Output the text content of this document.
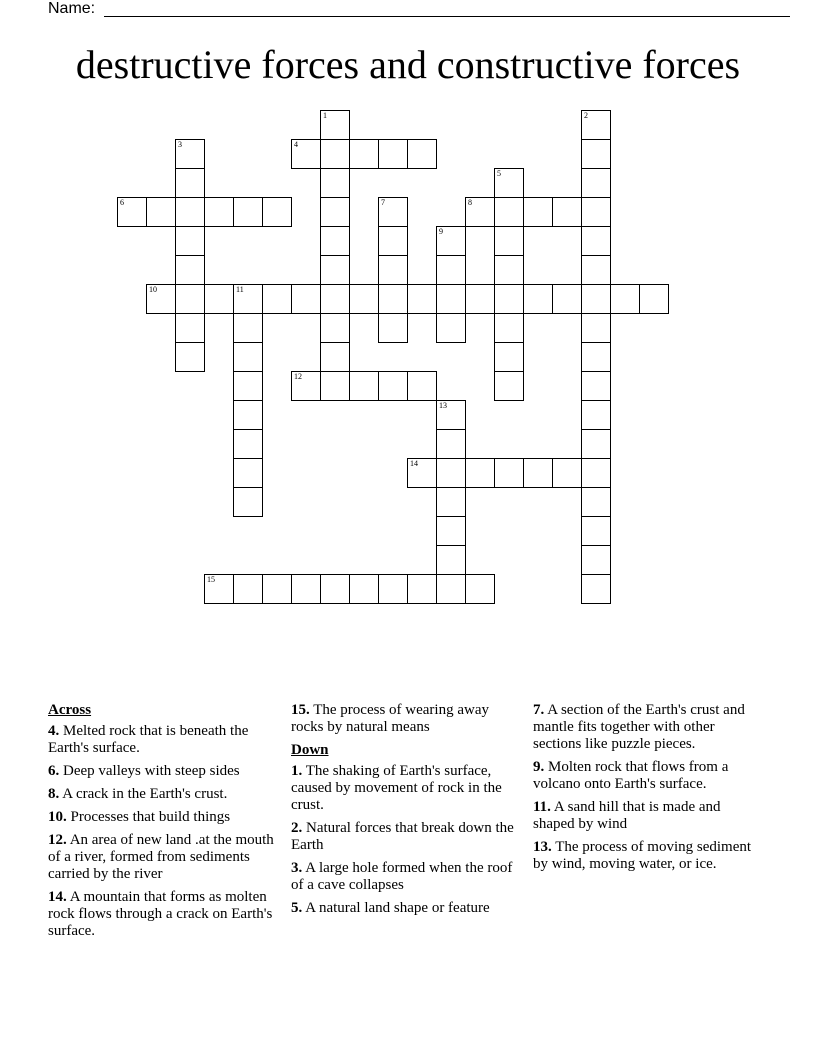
Name:
destructive forces and constructive forces
1	2
3	4
5
6	7	8
9
10	11
12
13
14
15
Across
4. Melted rock that is beneath the Earth's surface.
6. Deep valleys with steep sides
8. A crack in the Earth's crust.
10. Processes that build things
12. An area of new land .at the mouth of a river, formed from sediments carried by the river
14. A mountain that forms as molten rock flows through a crack on Earth's surface.
15. The process of wearing away rocks by natural means
Down
1. The shaking of Earth's surface, caused by movement of rock in the crust.
2. Natural forces that break down the Earth
3. A large hole formed when the roof of a cave collapses
5. A natural land shape or feature
7. A section of the Earth's crust and mantle fits together with other sections like puzzle pieces.
9. Molten rock that flows from a volcano onto Earth's surface.
11. A sand hill that is made and shaped by wind
13. The process of moving sediment by wind, moving water, or ice.
